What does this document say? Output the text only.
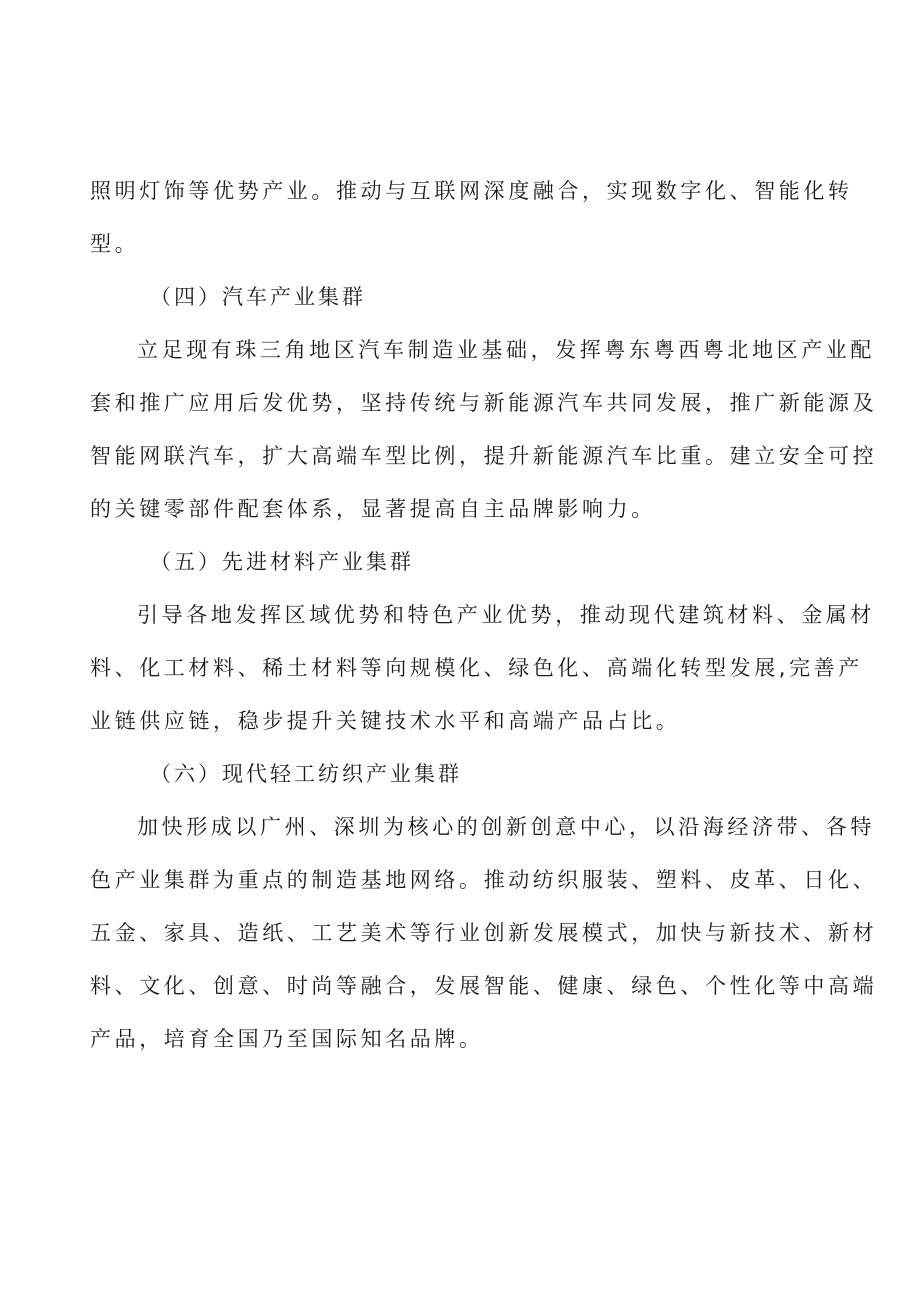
照明灯饰等优势产业。推动与互联网深度融合，实现数字化、智能化转
型。
（四）汽车产业集群
立足现有珠三角地区汽车制造业基础，发挥粤东粤西粤北地区产业配
套和推广应用后发优势，坚持传统与新能源汽车共同发展，推广新能源及
智能网联汽车，扩大高端车型比例，提升新能源汽车比重。建立安全可控
的关键零部件配套体系，显著提高自主品牌影响力。
（五）先进材料产业集群
引导各地发挥区域优势和特色产业优势，推动现代建筑材料、金属材
料、化工材料、稀土材料等向规模化、绿色化、高端化转型发展,完善产
业链供应链，稳步提升关键技术水平和高端产品占比。
（六）现代轻工纺织产业集群
加快形成以广州、深圳为核心的创新创意中心，以沿海经济带、各特
色产业集群为重点的制造基地网络。推动纺织服装、塑料、皮革、日化、
五金、家具、造纸、工艺美术等行业创新发展模式，加快与新技术、新材
料、文化、创意、时尚等融合，发展智能、健康、绿色、个性化等中高端
产品，培育全国乃至国际知名品牌。
